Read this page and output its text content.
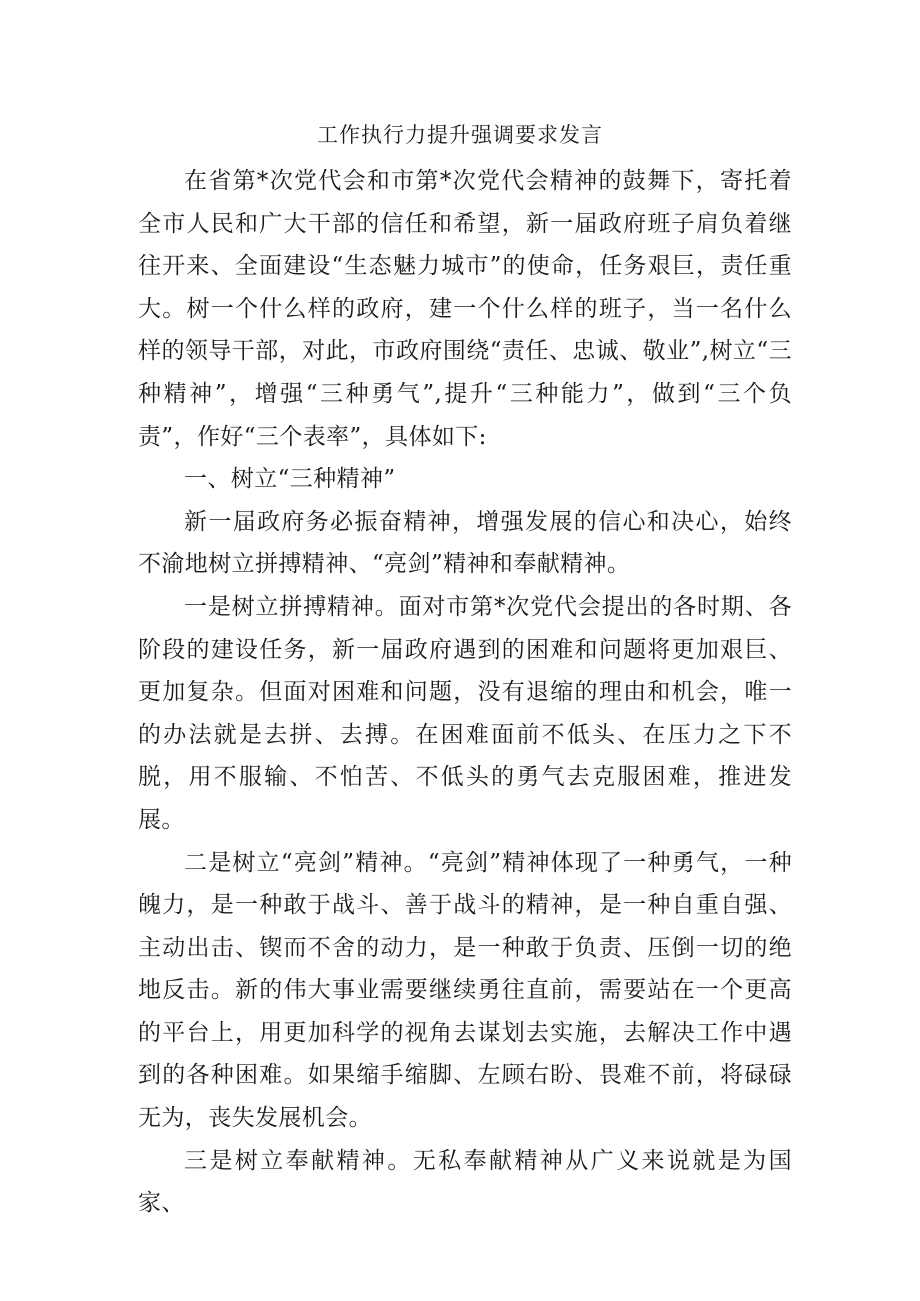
工作执行力提升强调要求发言

在省第*次党代会和市第*次党代会精神的鼓舞下，寄托着全市人民和广大干部的信任和希望，新一届政府班子肩负着继往开来、全面建设“生态魅力城市”的使命，任务艰巨，责任重大。树一个什么样的政府，建一个什么样的班子，当一名什么样的领导干部，对此，市政府围绕“责任、忠诚、敬业”,树立“三种精神”，增强“三种勇气”,提升“三种能力”，做到“三个负责”，作好“三个表率”，具体如下:

一、树立“三种精神”

新一届政府务必振奋精神，增强发展的信心和决心，始终不渝地树立拼搏精神、“亮剑”精神和奉献精神。

一是树立拼搏精神。面对市第*次党代会提出的各时期、各阶段的建设任务，新一届政府遇到的困难和问题将更加艰巨、更加复杂。但面对困难和问题，没有退缩的理由和机会，唯一的办法就是去拼、去搏。在困难面前不低头、在压力之下不脱，用不服输、不怕苦、不低头的勇气去克服困难，推进发展。

二是树立“亮剑”精神。“亮剑”精神体现了一种勇气，一种魄力，是一种敢于战斗、善于战斗的精神，是一种自重自强、主动出击、锲而不舍的动力，是一种敢于负责、压倒一切的绝地反击。新的伟大事业需要继续勇往直前，需要站在一个更高的平台上，用更加科学的视角去谋划去实施，去解决工作中遇到的各种困难。如果缩手缩脚、左顾右盼、畏难不前，将碌碌无为，丧失发展机会。

三是树立奉献精神。无私奉献精神从广义来说就是为国家、
